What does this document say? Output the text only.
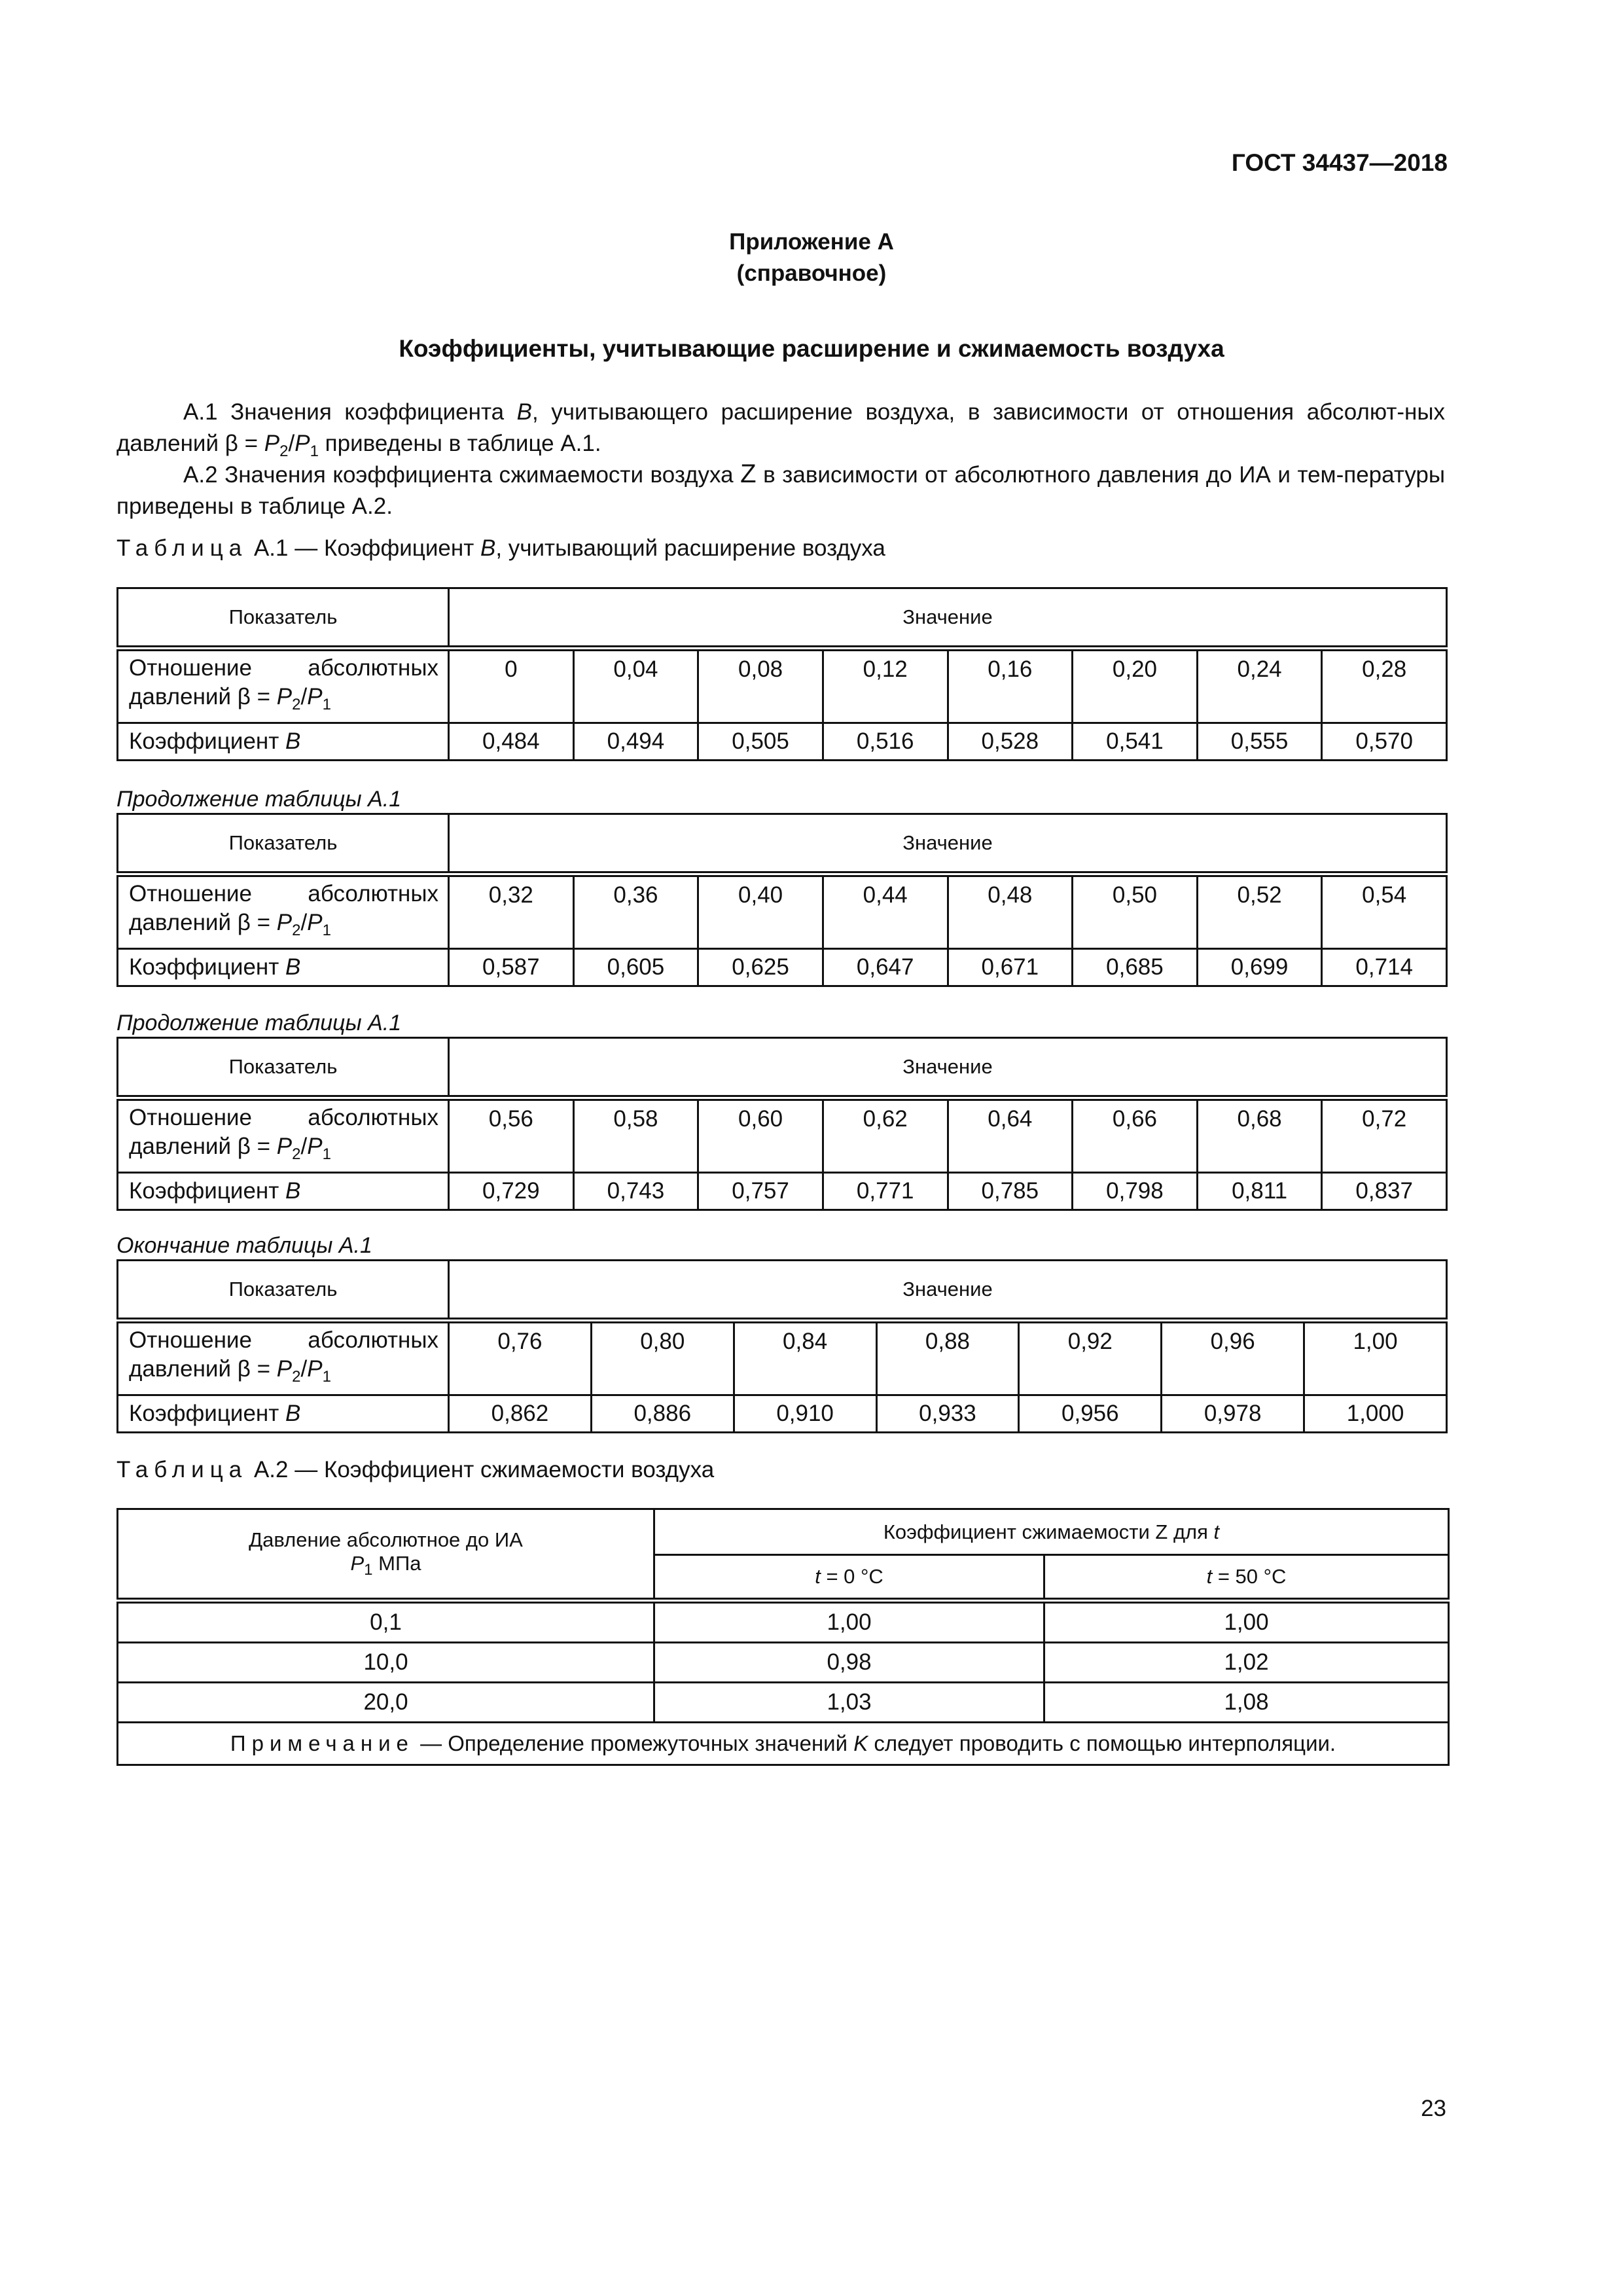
ГОСТ 34437—2018
Приложение А
(справочное)
Коэффициенты, учитывающие расширение и сжимаемость воздуха
А.1 Значения коэффициента B, учитывающего расширение воздуха, в зависимости от отношения абсолют-ных давлений $\beta = P_2/P_1$ приведены в таблице А.1.
А.2 Значения коэффициента сжимаемости воздуха Z в зависимости от абсолютного давления до ИА и тем-пературы приведены в таблице А.2.
Таблица А.1 — Коэффициент B, учитывающий расширение воздуха
Показатель	Значение							

Отношение абсолютных
давлений $\beta = P_2/P_1$	0	0,04	0,08	0,12	0,16	0,20	0,24	0,28
Коэффициент B	0,484	0,494	0,505	0,516	0,528	0,541	0,555	0,570
Продолжение таблицы А.1
Показатель	Значение							

Отношение абсолютных
давлений $\beta = P_2/P_1$	0,32	0,36	0,40	0,44	0,48	0,50	0,52	0,54
Коэффициент B	0,587	0,605	0,625	0,647	0,671	0,685	0,699	0,714
Продолжение таблицы А.1
Показатель	Значение							

Отношение абсолютных
давлений $\beta = P_2/P_1$	0,56	0,58	0,60	0,62	0,64	0,66	0,68	0,72
Коэффициент B	0,729	0,743	0,757	0,771	0,785	0,798	0,811	0,837
Окончание таблицы А.1
Показатель	Значение						

Отношение абсолютных
давлений $\beta = P_2/P_1$	0,76	0,80	0,84	0,88	0,92	0,96	1,00
Коэффициент B	0,862	0,886	0,910	0,933	0,956	0,978	1,000
Таблица А.2 — Коэффициент сжимаемости воздуха
Давление абсолютное до ИА
$P_1$ МПа	Коэффициент сжимаемости Z для t	
	t = 0 °С	t = 50 °С
0,1	1,00	1,00
10,0	0,98	1,02
20,0	1,03	1,08
Примечание — Определение промежуточных значений K следует проводить с помощью интерполяции.		
23
